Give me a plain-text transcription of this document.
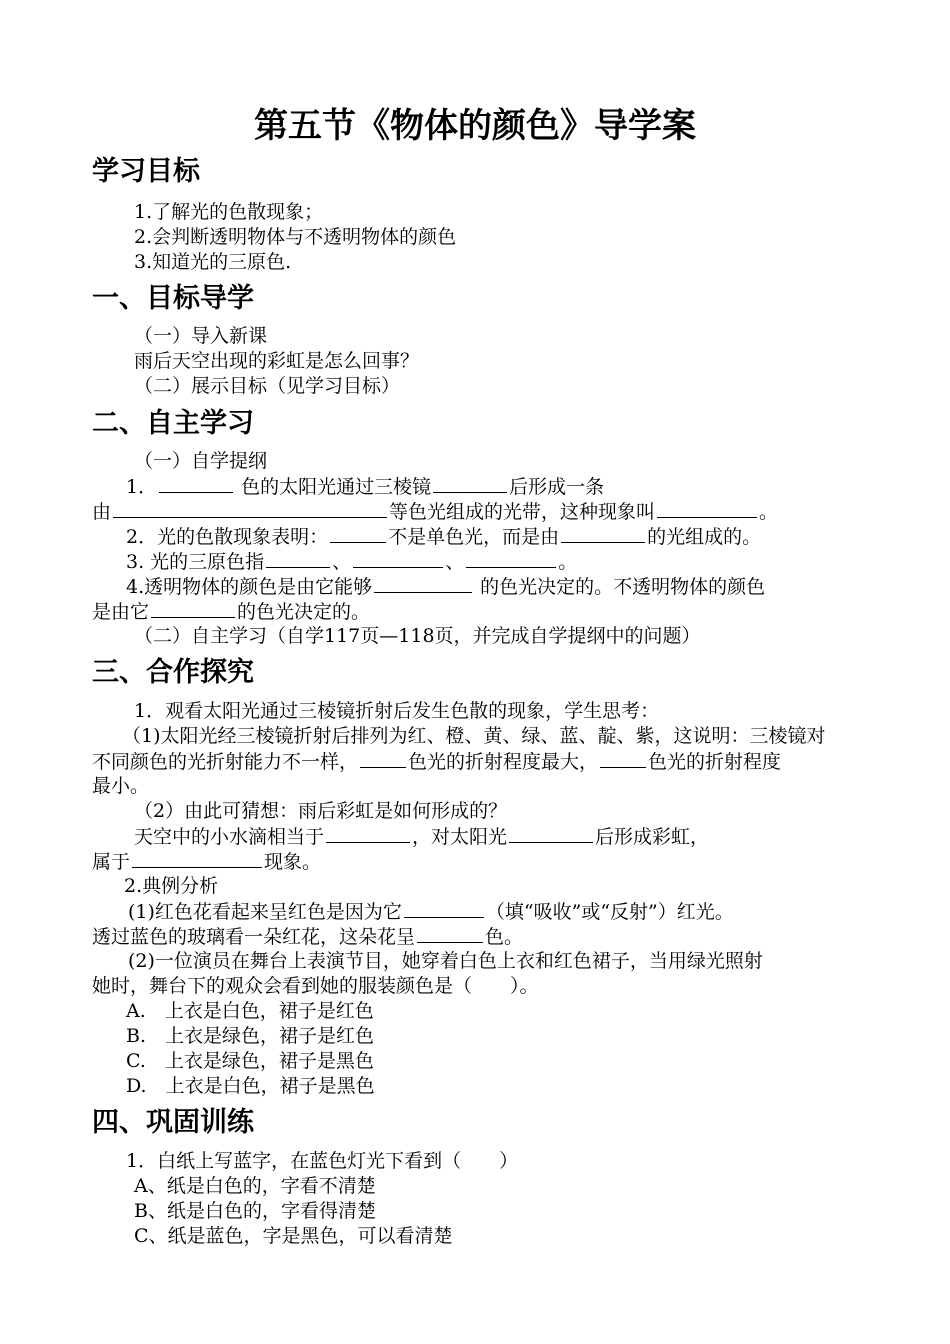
第五节《物体的颜色》导学案
学习目标
1.了解光的色散现象；
2.会判断透明物体与不透明物体的颜色
3.知道光的三原色.
一、目标导学
（一）导入新课
雨后天空出现的彩虹是怎么回事？
（二）展示目标（见学习目标）
二、自主学习
（一）自学提纲
1．	色的太阳光通过三棱镜	后形成一条
由	等色光组成的光带，这种现象叫	。
2．光的色散现象表明：	不是单色光，而是由	的光组成的。
3. 光的三原色指	、	、	。
4.透明物体的颜色是由它能够	的色光决定的。不透明物体的颜色
是由它	的色光决定的。
（二）自主学习（自学117页—118页，并完成自学提纲中的问题）
三、合作探究
1．观看太阳光通过三棱镜折射后发生色散的现象，学生思考：
（1)太阳光经三棱镜折射后排列为红、橙、黄、绿、蓝、靛、紫，这说明：三棱镜对
不同颜色的光折射能力不一样，	色光的折射程度最大，	色光的折射程度
最小。
（2）由此可猜想：雨后彩虹是如何形成的？
天空中的小水滴相当于	，对太阳光	后形成彩虹，
属于	现象。
2.典例分析
(1)红色花看起来呈红色是因为它	（填“吸收”或“反射”）红光。
透过蓝色的玻璃看一朵红花，这朵花呈	色。
(2)一位演员在舞台上表演节目，她穿着白色上衣和红色裙子，当用绿光照射
她时，舞台下的观众会看到她的服装颜色是（　　）。
A.　上衣是白色，裙子是红色
B.　上衣是绿色，裙子是红色
C.　上衣是绿色，裙子是黑色
D.　上衣是白色，裙子是黑色
四、巩固训练
1．白纸上写蓝字，在蓝色灯光下看到（　　）
A、纸是白色的，字看不清楚
B、纸是白色的，字看得清楚
C、纸是蓝色，字是黑色，可以看清楚
